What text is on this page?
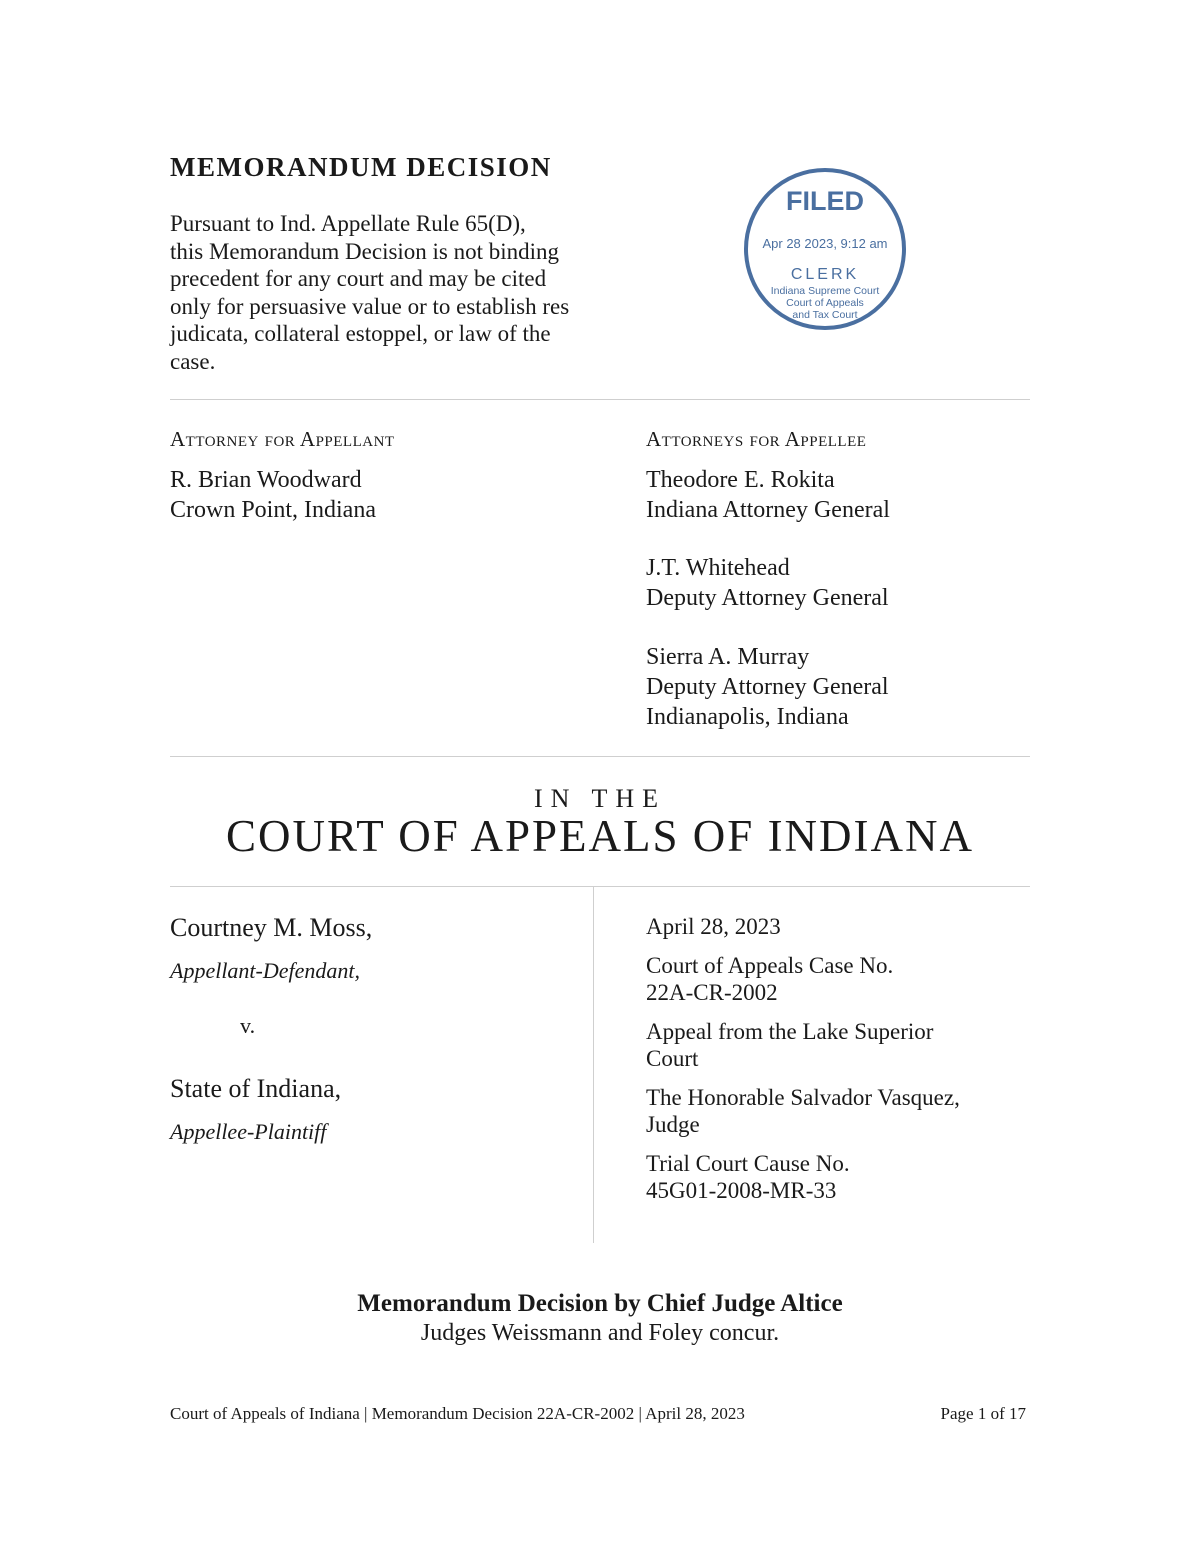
MEMORANDUM DECISION
Pursuant to Ind. Appellate Rule 65(D),
this Memorandum Decision is not binding
precedent for any court and may be cited
only for persuasive value or to establish res
judicata, collateral estoppel, or law of the
case.
FILED
Apr 28 2023, 9:12 am
CLERK
Indiana Supreme Court
Court of Appeals
and Tax Court
Attorney for Appellant
R. Brian Woodward
Crown Point, Indiana
Attorneys for Appellee
Theodore E. Rokita
Indiana Attorney General
J.T. Whitehead
Deputy Attorney General
Sierra A. Murray
Deputy Attorney General
Indianapolis, Indiana
IN THE
COURT OF APPEALS OF INDIANA
Courtney M. Moss,
Appellant-Defendant,
v.
State of Indiana,
Appellee-Plaintiff
April 28, 2023
Court of Appeals Case No.
22A-CR-2002
Appeal from the Lake Superior
Court
The Honorable Salvador Vasquez,
Judge
Trial Court Cause No.
45G01-2008-MR-33
Memorandum Decision by Chief Judge Altice
Judges Weissmann and Foley concur.
Court of Appeals of Indiana | Memorandum Decision 22A-CR-2002 | April 28, 2023	Page 1 of 17
